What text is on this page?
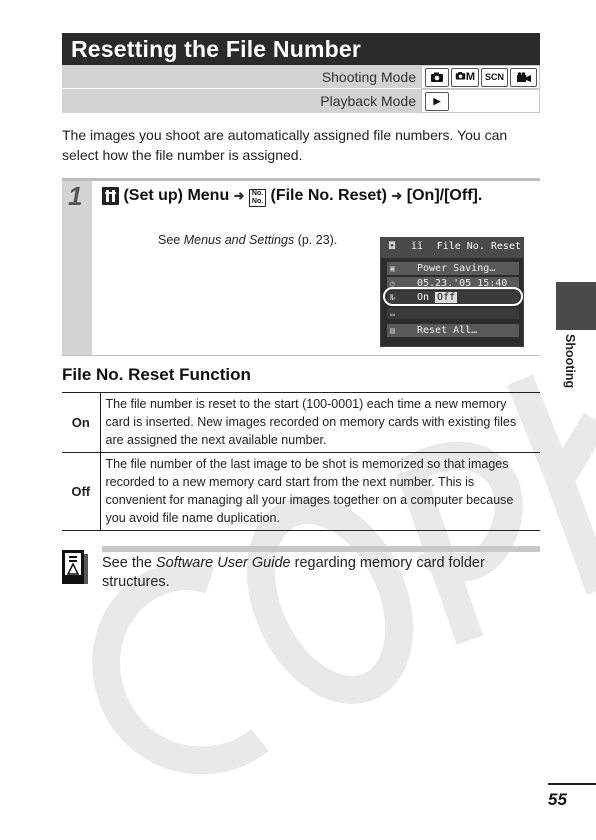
Resetting the File Number
Shooting Mode	M	SCN
Playback Mode	▶

The images you shoot are automatically assigned file numbers. You can select how the file number is assigned.

1	(Set up) Menu ➜ No.
No. (File No. Reset) ➜ [On]/[Off].
See Menus and Settings (p. 23).	◘ ĭĭ File No. Reset
▣ Power Saving…
◷ 05.23.'05 15:40
№ On Off
▭
▤ Reset All…
File No. Reset Function
On	The file number is reset to the start (100-0001) each time a new memory card is inserted. New images recorded on memory cards with existing files are assigned the next available number.
Off	The file number of the last image to be shot is memorized so that images recorded to a new memory card start from the next number. This is convenient for managing all your images together on a computer because you avoid file name duplication.
See the Software User Guide regarding memory card folder structures.
Shooting
55
